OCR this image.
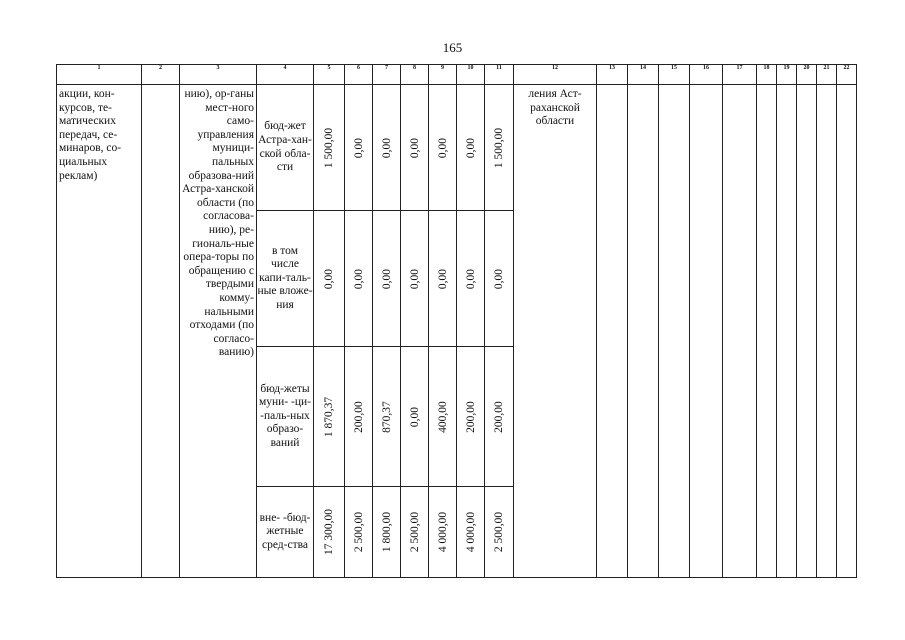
165
1	2	3	4	5	6	7	8	9	10	11	12	13	14	15	16	17	18	19	20	21	22
акции, кон-курсов, те-матических передач, се-минаров, со-циальных реклам)		нию), ор-ганы мест-ного само-управления муници-пальных образова-ний Астра-ханской области (по согласова-нию), ре-гиональ-ные опера-торы по обращению с твердыми комму-нальными отходами (по согласо-ванию)	бюд-жет Астра-хан-ской обла-сти	1 500,00	0,00	0,00	0,00	0,00	0,00	1 500,00	ления Аст-раханской области										
			в том числе капи-таль-ные вложе-ния	0,00	0,00	0,00	0,00	0,00	0,00	0,00											

			бюд-жеты муни- -ци- -паль-ных образо-ваний	1 870,37	200,00	870,37	0,00	400,00	200,00	200,00											

			вне- -бюд-жетные сред-ства	17 300,00	2 500,00	1 800,00	2 500,00	4 000,00	4 000,00	2 500,00											
